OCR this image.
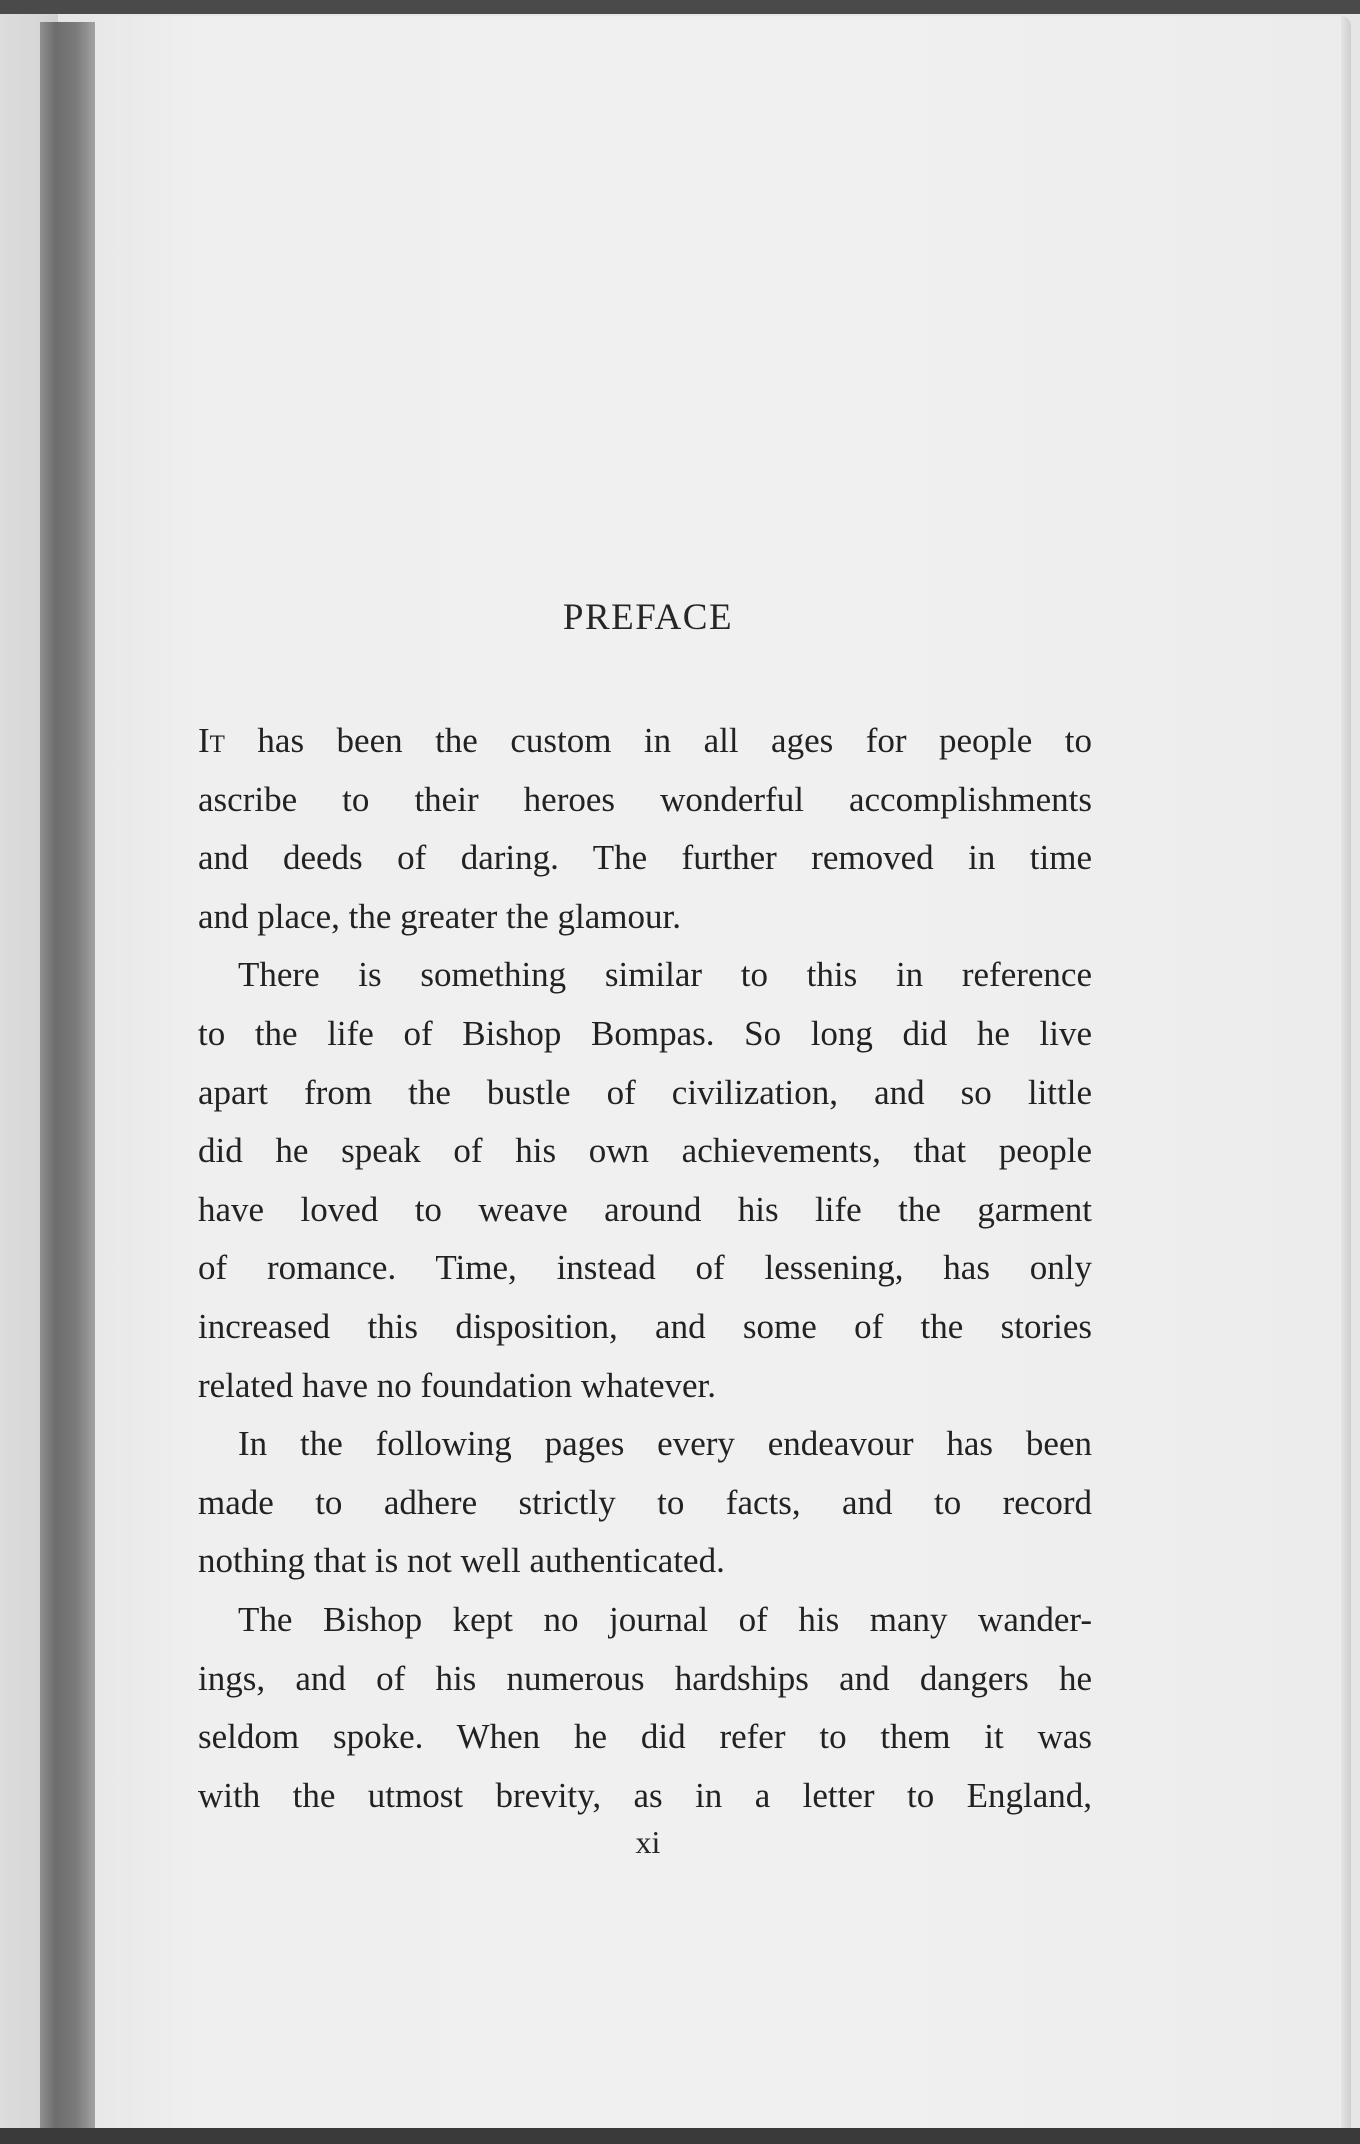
PREFACE
It has been the custom in all ages for people to
ascribe to their heroes wonderful accomplishments
and deeds of daring. The further removed in time
and place, the greater the glamour.
There is something similar to this in reference
to the life of Bishop Bompas. So long did he live
apart from the bustle of civilization, and so little
did he speak of his own achievements, that people
have loved to weave around his life the garment
of romance. Time, instead of lessening, has only
increased this disposition, and some of the stories
related have no foundation whatever.
In the following pages every endeavour has been
made to adhere strictly to facts, and to record
nothing that is not well authenticated.
The Bishop kept no journal of his many wander-
ings, and of his numerous hardships and dangers he
seldom spoke. When he did refer to them it was
with the utmost brevity, as in a letter to England,
xi
